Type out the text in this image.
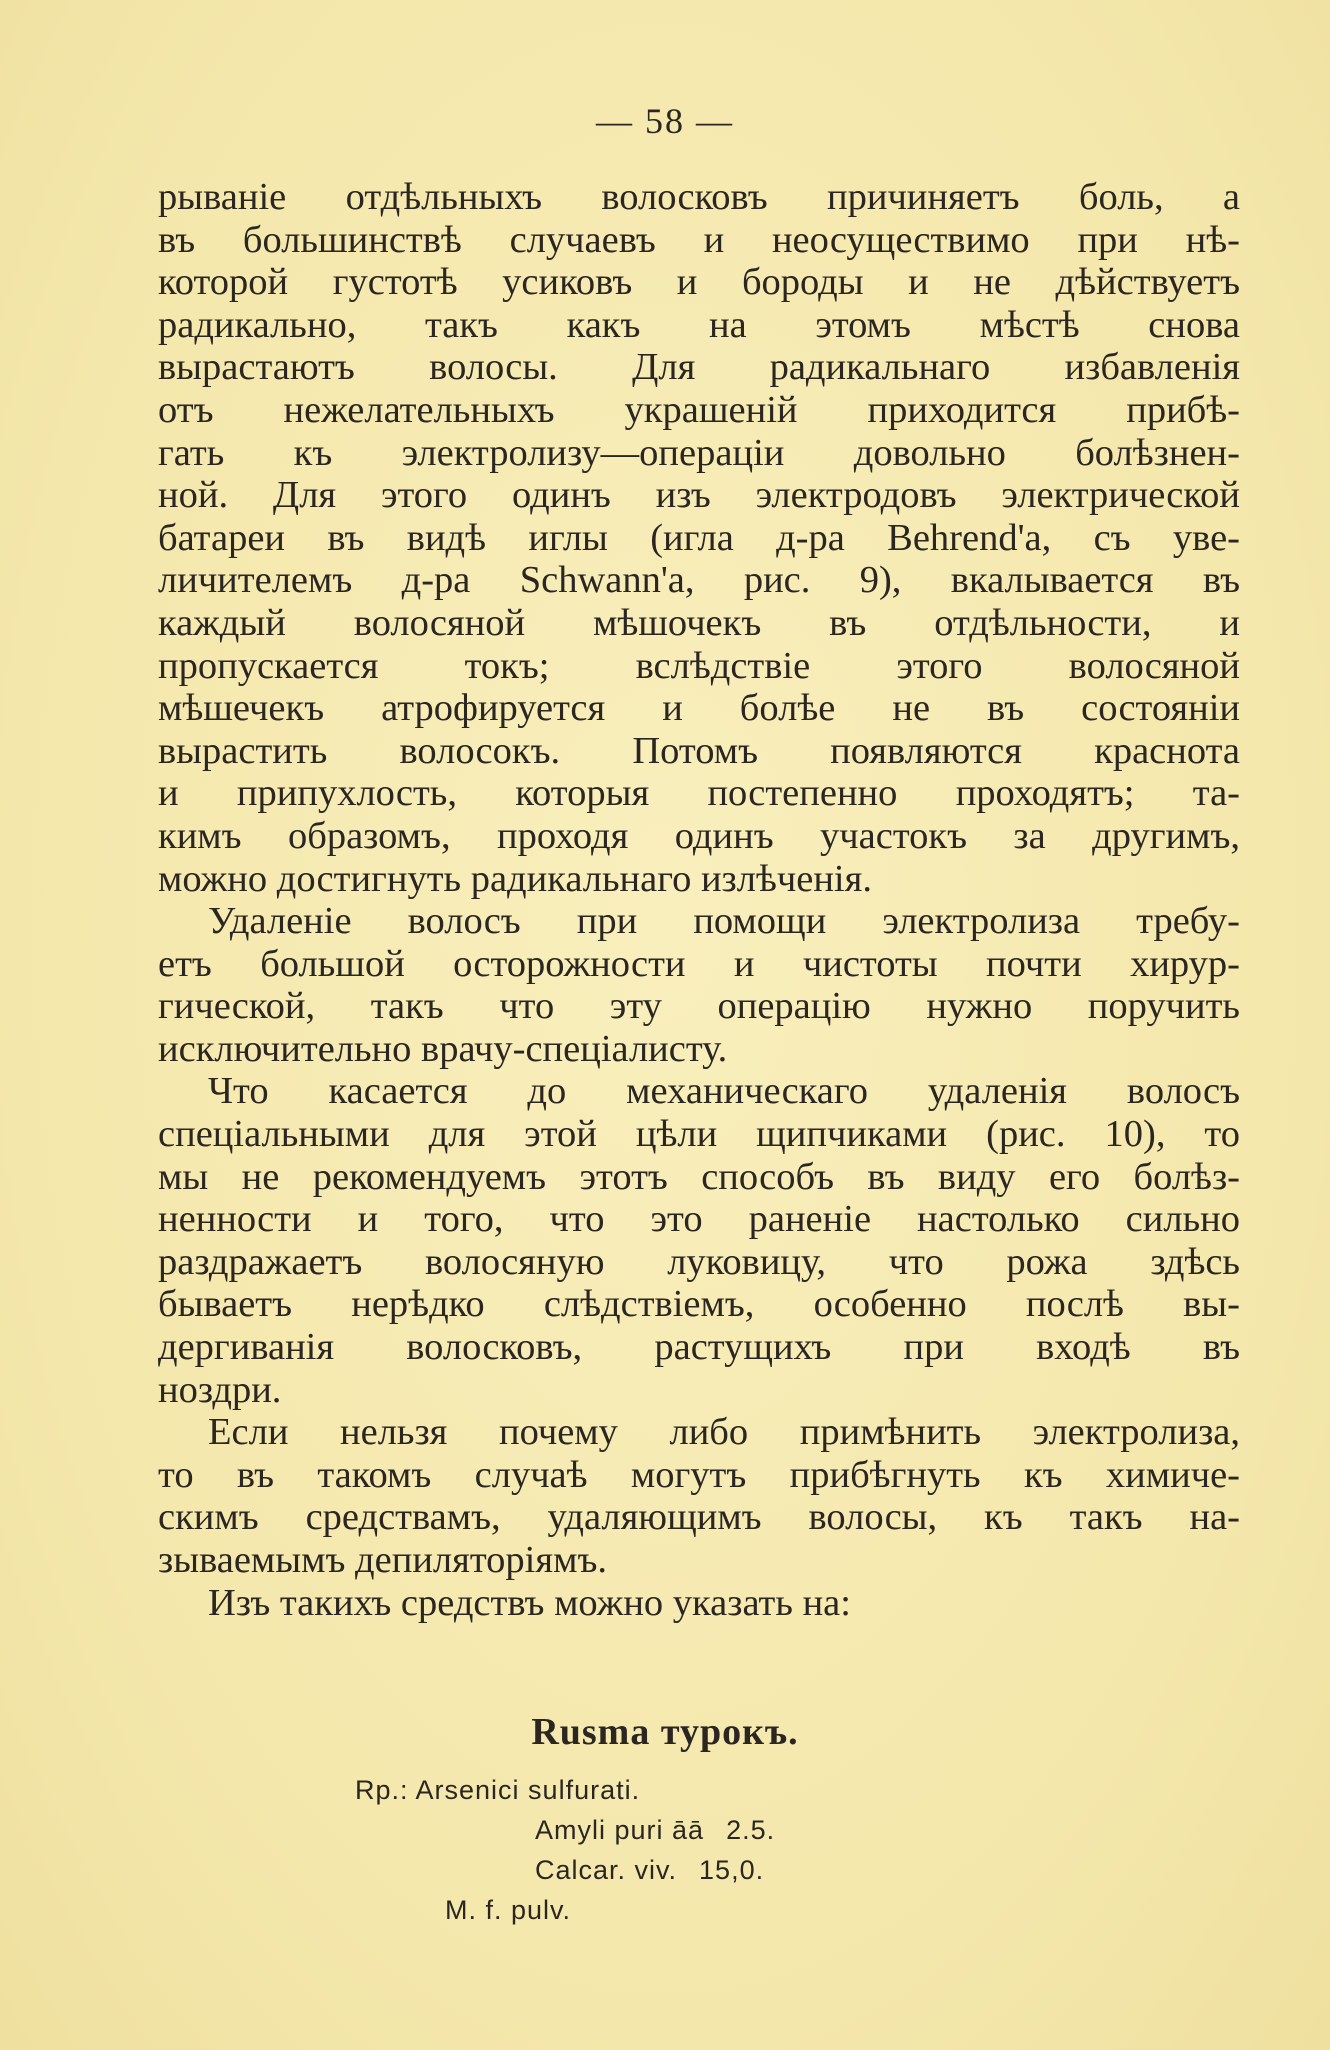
— 58 —
рываніе отдѣльныхъ волосковъ причиняетъ боль, а
въ большинствѣ случаевъ и неосуществимо при нѣ-
которой густотѣ усиковъ и бороды и не дѣйствуетъ
радикально, такъ какъ на этомъ мѣстѣ снова
вырастаютъ волосы. Для радикальнаго избавленія
отъ нежелательныхъ украшеній приходится прибѣ-
гать къ электролизу—операціи довольно болѣзнен-
ной. Для этого одинъ изъ электродовъ электрической
батареи въ видѣ иглы (игла д-ра Behrend'a, съ уве-
личителемъ д-ра Schwann'a, рис. 9), вкалывается въ
каждый волосяной мѣшочекъ въ отдѣльности, и
пропускается токъ; вслѣдствіе этого волосяной
мѣшечекъ атрофируется и болѣе не въ состояніи
вырастить волосокъ. Потомъ появляются краснота
и припухлость, которыя постепенно проходятъ; та-
кимъ образомъ, проходя одинъ участокъ за другимъ,
можно достигнуть радикальнаго излѣченія.
Удаленіе волосъ при помощи электролиза требу-
етъ большой осторожности и чистоты почти хирур-
гической, такъ что эту операцію нужно поручить
исключительно врачу-спеціалисту.
Что касается до механическаго удаленія волосъ
спеціальными для этой цѣли щипчиками (рис. 10), то
мы не рекомендуемъ этотъ способъ въ виду его болѣз-
ненности и того, что это раненіе настолько сильно
раздражаетъ волосяную луковицу, что рожа здѣсь
бываетъ нерѣдко слѣдствіемъ, особенно послѣ вы-
дергиванія волосковъ, растущихъ при входѣ въ
ноздри.
Если нельзя почему либо примѣнить электролиза,
то въ такомъ случаѣ могутъ прибѣгнуть къ химиче-
скимъ средствамъ, удаляющимъ волосы, къ такъ на-
зываемымъ депиляторіямъ.
Изъ такихъ средствъ можно указать на:
Rusma турокъ.
Rp.: Arsenici sulfurati.
Amyli puri āā 2.5.
Calcar. viv. 15,0.
M. f. pulv.
